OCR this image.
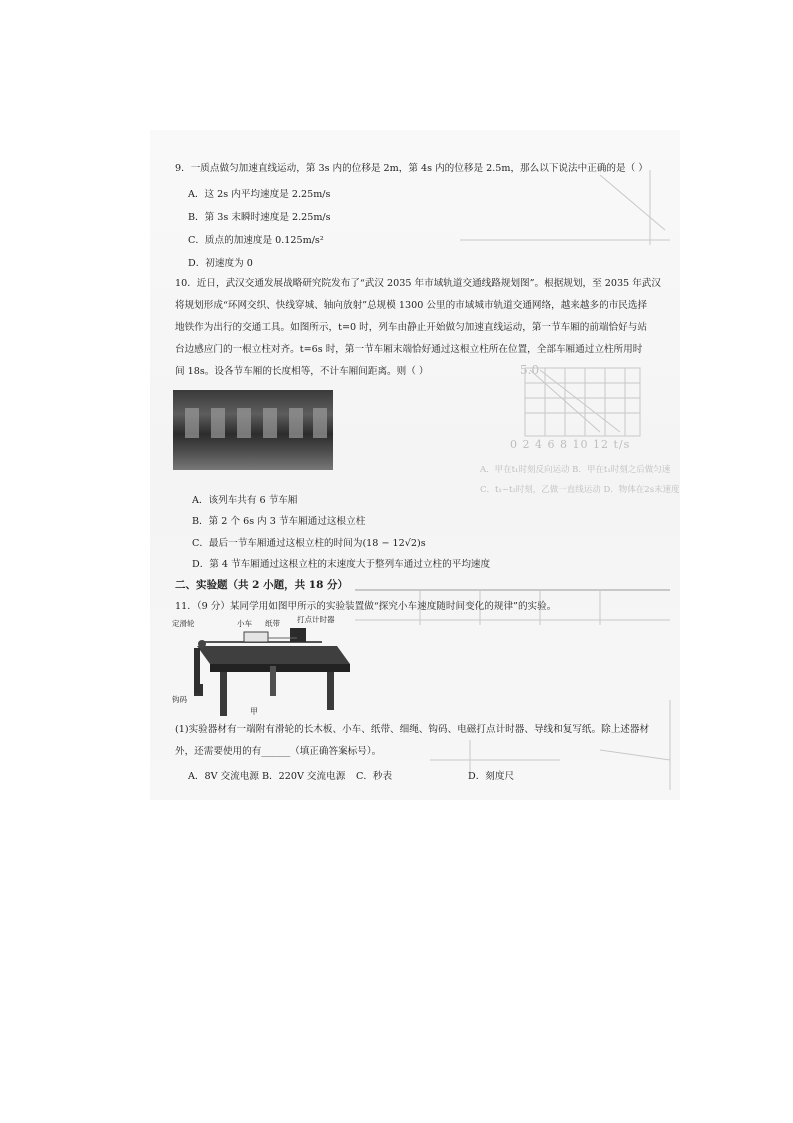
5.0
0 2 4 6 8 10 12 t/s
A．甲在t₁时刻反向运动 B．甲在t₁时刻之后做匀速
C．t₁~t₂时刻，乙做一直线运动 D．物体在2s末速度
9．一质点做匀加速直线运动，第 3s 内的位移是 2m，第 4s 内的位移是 2.5m，那么以下说法中正确的是（ ）
A．这 2s 内平均速度是 2.25m/s
B．第 3s 末瞬时速度是 2.25m/s
C．质点的加速度是 0.125m/s²
D．初速度为 0
10．近日，武汉交通发展战略研究院发布了“武汉 2035 年市域轨道交通线路规划图”。根据规划，至 2035 年武汉
将规划形成“环网交织、快线穿城、轴向放射”总规模 1300 公里的市域城市轨道交通网络，越来越多的市民选择
地铁作为出行的交通工具。如图所示，t=0 时，列车由静止开始做匀加速直线运动，第一节车厢的前端恰好与站
台边感应门的一根立柱对齐。t=6s 时，第一节车厢末端恰好通过这根立柱所在位置，全部车厢通过立柱所用时
间 18s。设各节车厢的长度相等，不计车厢间距离。则（ ）
A．该列车共有 6 节车厢
B．第 2 个 6s 内 3 节车厢通过这根立柱
C．最后一节车厢通过这根立柱的时间为(18 − 12√2)s
D．第 4 节车厢通过这根立柱的末速度大于整列车通过立柱的平均速度
二、实验题（共 2 小题，共 18 分）
11．（9 分）某同学用如图甲所示的实验装置做“探究小车速度随时间变化的规律”的实验。
定滑轮	小车 纸带 打点计时器
钩码
甲
(1)实验器材有一端附有滑轮的长木板、小车、纸带、细绳、钩码、电磁打点计时器、导线和复写纸。除上述器材
外，还需要使用的有______（填正确答案标号）。
A．8V 交流电源 B．220V 交流电源 C．秒表	D．刻度尺
